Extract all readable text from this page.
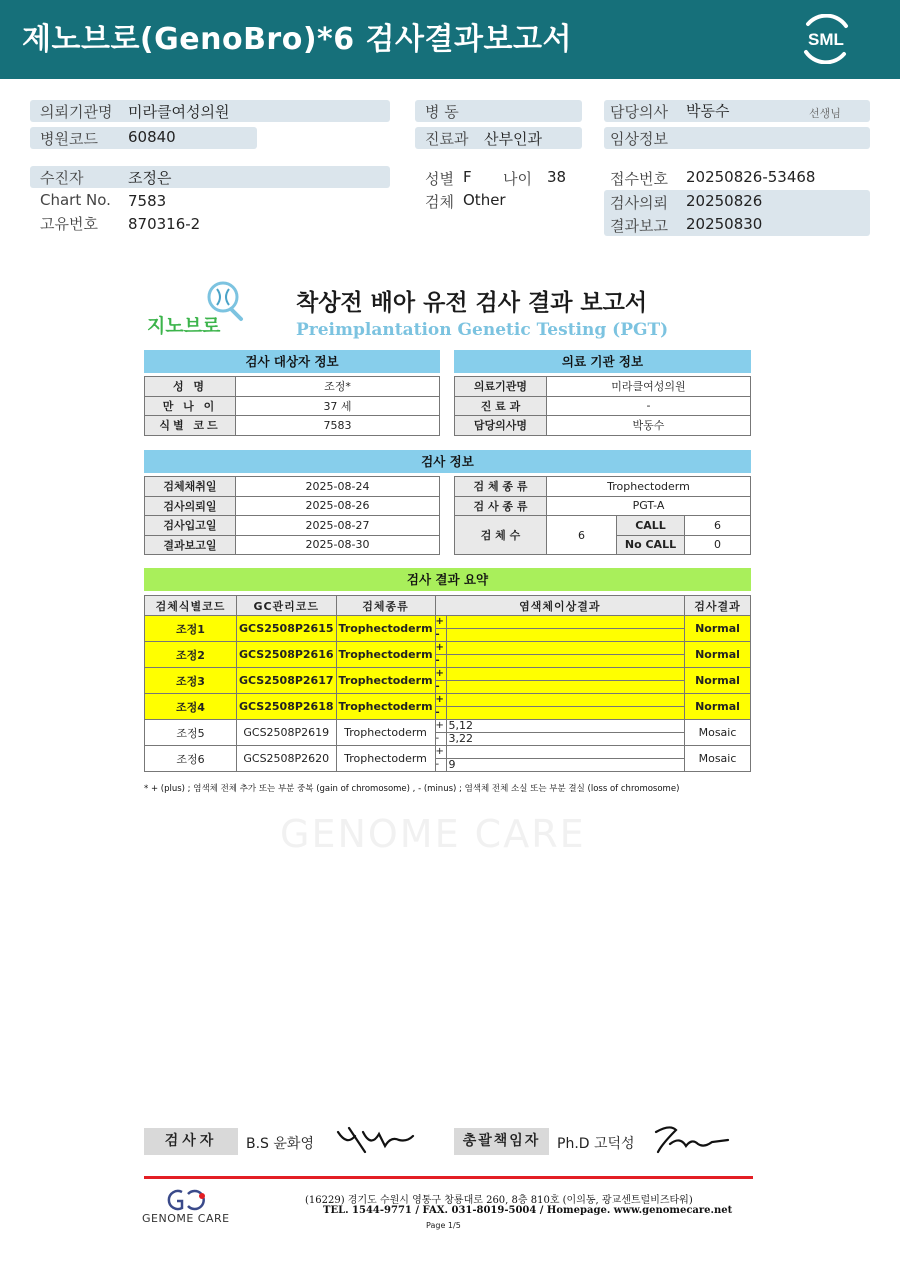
제노브로(GenoBro)*6 검사결과보고서	SML
의뢰기관명 미라클여성의원
병원코드 60840
병 동
진료과 산부인과
담당의사 박동수	선생님
임상정보
수진자	조정은
Chart No. 7583
고유번호 870316-2
성별 F 나이 38
검체 Other
접수번호 20250826-53468
검사의뢰 20250826
결과보고 20250830
지노브로
착상전 배아 유전 검사 결과 보고서
Preimplantation Genetic Testing (PGT)
검사 대상자 정보	의료 기관 정보
성 명	조정*
만 나 이	37 세
식별 코드	7583
의료기관명	미라클여성의원
진 료 과	-
담당의사명	박동수
검사 정보
검체채취일	2025-08-24
검사의뢰일	2025-08-26
검사입고일	2025-08-27
결과보고일	2025-08-30
검 체 종 류	Trophectoderm		
검 사 종 류	PGT-A		
검 체 수	6	CALL	6
		No CALL	0
검사 결과 요약
검체식별코드	GC관리코드	검체종류	염색체이상결과		검사결과
조정1	GCS2508P2615	Trophectoderm	+		Normal
			-		
조정2	GCS2508P2616	Trophectoderm	+		Normal
			-		
조정3	GCS2508P2617	Trophectoderm	+		Normal
			-		
조정4	GCS2508P2618	Trophectoderm	+		Normal
			-		
조정5	GCS2508P2619	Trophectoderm	+	5,12	Mosaic
			-	3,22	
조정6	GCS2508P2620	Trophectoderm	+		Mosaic
			-	9	
* + (plus) ; 염색체 전체 추가 또는 부분 중복 (gain of chromosome) , - (minus) ; 염색체 전체 소실 또는 부분 결실 (loss of chromosome)
GENOME CARE
검사자	B.S 윤화영	총괄책임자	Ph.D 고덕성
GENOME CARE
(16229) 경기도 수원시 영통구 창룡대로 260, 8층 810호 (이의동, 광교센트럴비즈타워)
TEL. 1544-9771 / FAX. 031-8019-5004 / Homepage. www.genomecare.net
Page 1/5
